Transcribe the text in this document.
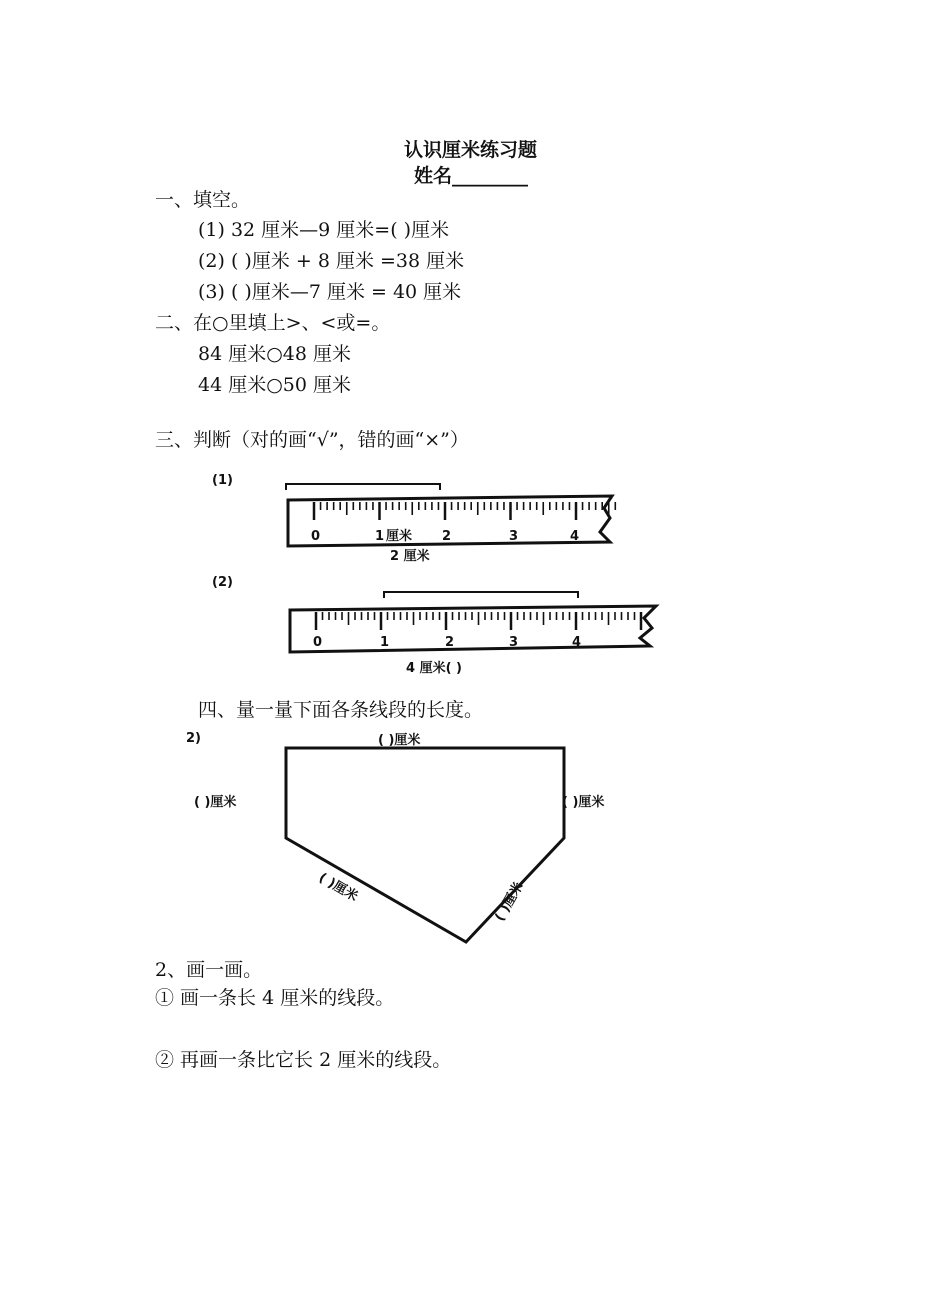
认识厘米练习题
姓名________
一、填空。
(1) 32 厘米—9 厘米=( )厘米
(2) ( )厘米 + 8 厘米 =38 厘米
(3) ( )厘米—7 厘米 = 40 厘米
二、在○里填上>、<或=。
84 厘米○48 厘米
44 厘米○50 厘米
三、判断（对的画“√”，错的画“×”）
(1)
0	1 厘米 2	3	4
2 厘米
(2)
0	1	2	3	4
4 厘米( )
四、量一量下面各条线段的长度。
2)	( )厘米
( )厘米	( )厘米
( )厘米	( )厘米
2、画一画。
① 画一条长 4 厘米的线段。
② 再画一条比它长 2 厘米的线段。
